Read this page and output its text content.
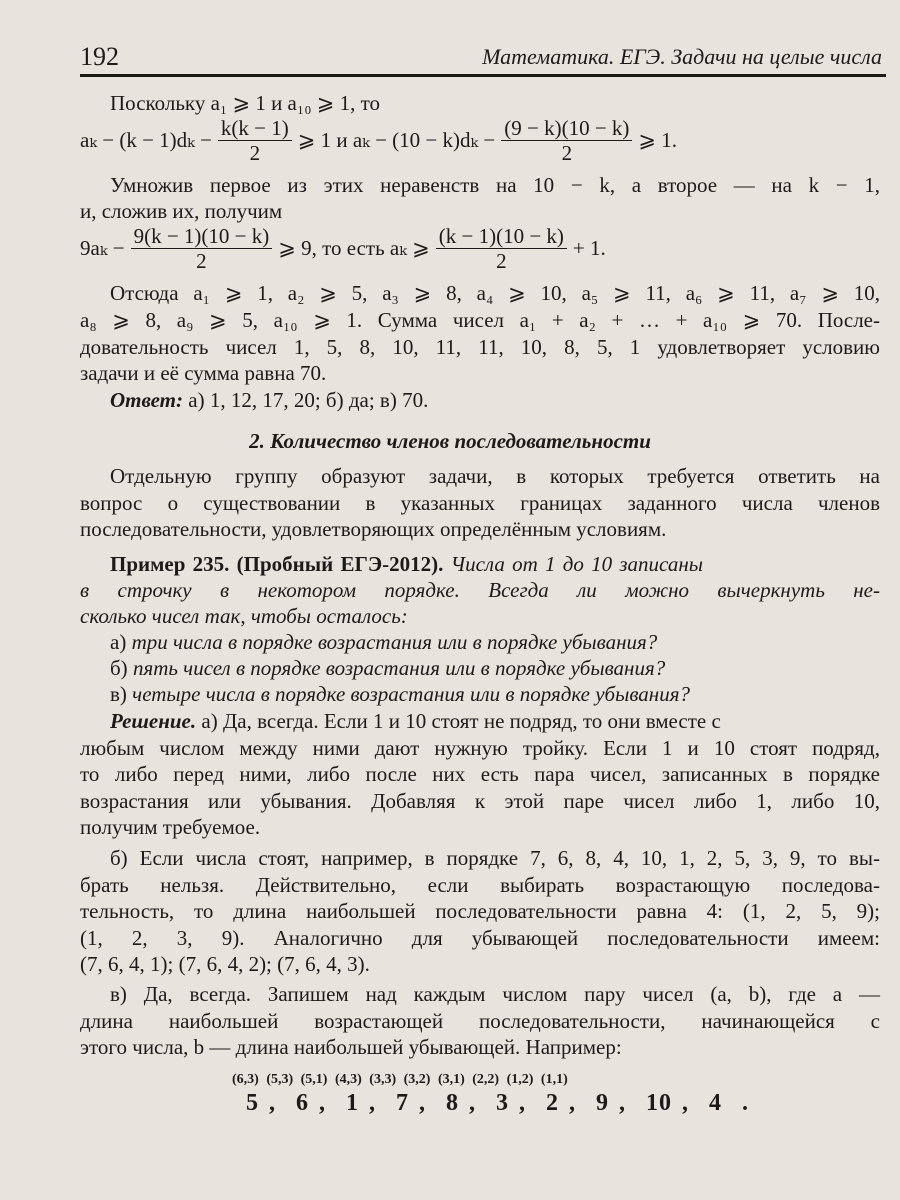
192	Математика. ЕГЭ. Задачи на целые числа
Поскольку a₁ ⩾ 1 и a₁₀ ⩾ 1, то
$a_k - (k - 1)d_k - \frac{k(k - 1)}{2}$ ⩾ 1 и $a_k - (10 - k)d_k - \frac{(9 - k)(10 - k)}{2}$ ⩾ 1.
Умножив первое из этих неравенств на 10 − k, а второе — на k − 1,
и, сложив их, получим
$9a_k - \frac{9(k - 1)(10 - k)}{2}$ ⩾ 9, то есть aₖ ⩾ $\frac{(k - 1)(10 - k)}{2} + 1$.
Отсюда a₁ ⩾ 1, a₂ ⩾ 5, a₃ ⩾ 8, a₄ ⩾ 10, a₅ ⩾ 11, a₆ ⩾ 11, a₇ ⩾ 10,
a₈ ⩾ 8, a₉ ⩾ 5, a₁₀ ⩾ 1. Сумма чисел a₁ + a₂ + … + a₁₀ ⩾ 70. После-
довательность чисел 1, 5, 8, 10, 11, 11, 10, 8, 5, 1 удовлетворяет условию
задачи и её сумма равна 70.
Ответ: а) 1, 12, 17, 20; б) да; в) 70.
2. Количество членов последовательности
Отдельную группу образуют задачи, в которых требуется ответить на
вопрос о существовании в указанных границах заданного числа членов
последовательности, удовлетворяющих определённым условиям.
Пример 235. (Пробный ЕГЭ-2012). Числа от 1 до 10 записаны
в строчку в некотором порядке. Всегда ли можно вычеркнуть не-
сколько чисел так, чтобы осталось:
а) три числа в порядке возрастания или в порядке убывания?
б) пять чисел в порядке возрастания или в порядке убывания?
в) четыре числа в порядке возрастания или в порядке убывания?
Решение. а) Да, всегда. Если 1 и 10 стоят не подряд, то они вместе с
любым числом между ними дают нужную тройку. Если 1 и 10 стоят подряд,
то либо перед ними, либо после них есть пара чисел, записанных в порядке
возрастания или убывания. Добавляя к этой паре чисел либо 1, либо 10,
получим требуемое.
б) Если числа стоят, например, в порядке 7, 6, 8, 4, 10, 1, 2, 5, 3, 9, то вы-
брать нельзя. Действительно, если выбирать возрастающую последова-
тельность, то длина наибольшей последовательности равна 4: (1, 2, 5, 9);
(1, 2, 3, 9). Аналогично для убывающей последовательности имеем:
(7, 6, 4, 1); (7, 6, 4, 2); (7, 6, 4, 3).
в) Да, всегда. Запишем над каждым числом пару чисел (a, b), где a —
длина наибольшей возрастающей последовательности, начинающейся с
этого числа, b — длина наибольшей убывающей. Например:
(6,3) (5,3) (5,1) (4,3) (3,3) (3,2) (3,1) (2,2) (1,2) (1,1)
5 ,  6 ,  1 ,  7 ,  8 ,  3 ,  2 ,  9 ,  10 ,  4  .
